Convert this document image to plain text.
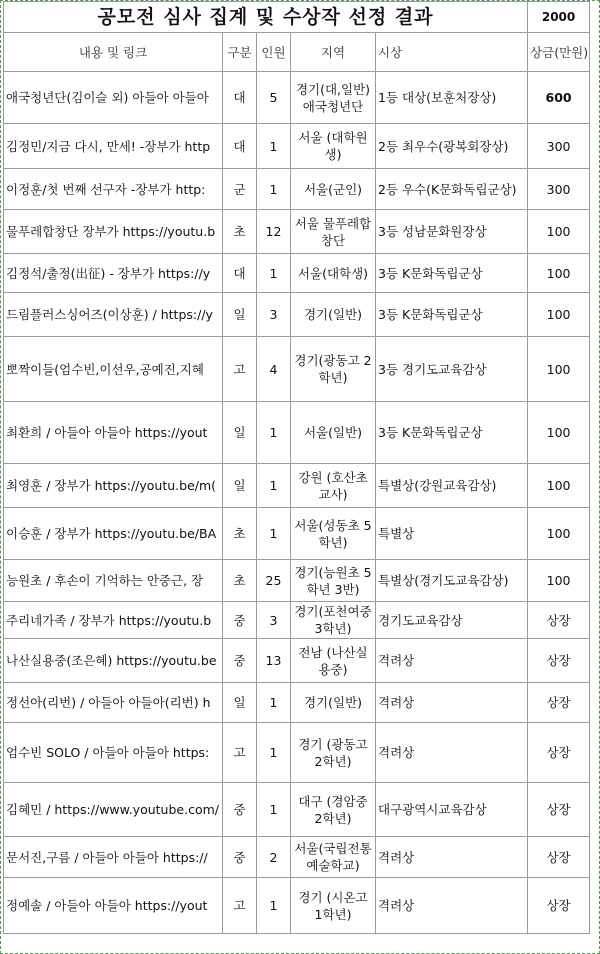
공모전 심사 집계 및 수상작 선정 결과					2000
내용 및 링크	구분	인원	지역	시상	상금(만원)
애국청년단(김이슬 외) 아들아 아들아	대	5	경기(대,일반) 애국청년단	1등 대상(보훈처장상)	600
김정민/지금 다시, 만세! -장부가 http	대	1	서울 (대학원생)	2등 최우수(광복회장상)	300
이정훈/첫 번째 선구자 -장부가 http:	군	1	서울(군인)	2등 우수(K문화독립군상)	300
물푸레합창단 장부가 https://youtu.b	초	12	서울 물푸레합창단	3등 성남문화원장상	100
김정석/출정(出征) - 장부가 https://y	대	1	서울(대학생)	3등 K문화독립군상	100
드림플러스싱어즈(이상훈) / https://y	일	3	경기(일반)	3등 K문화독립군상	100
뽀짝이들(엄수빈,이선우,공예진,지혜	고	4	경기(광동고 2학년)	3등 경기도교육감상	100
최환희 / 아들아 아들아 https://yout	일	1	서울(일반)	3등 K문화독립군상	100
최영훈 / 장부가 https://youtu.be/m(	일	1	강원 (호산초 교사)	특별상(강원교육감상)	100
이승훈 / 장부가 https://youtu.be/BA	초	1	서울(성동초 5학년)	특별상	100
능원초 / 후손이 기억하는 안중근, 장	초	25	경기(능원초 5학년 3반)	특별상(경기도교육감상)	100
주리네가족 / 장부가 https://youtu.b	중	3	경기(포천여중 3학년)	경기도교육감상	상장
나산실용중(조은혜) https://youtu.be	중	13	전남 (나산실용중)	격려상	상장
정선아(리번) / 아들아 아들아(리번) h	일	1	경기(일반)	격려상	상장
엄수빈 SOLO / 아들아 아들아 https:	고	1	경기 (광동고 2학년)	격려상	상장
김혜민 / https://www.youtube.com/	중	1	대구 (경암중 2학년)	대구광역시교육감상	상장
문서진,구름 / 아들아 아들아 https://	중	2	서울(국립전통예술학교)	격려상	상장
정예솔 / 아들아 아들아 https://yout	고	1	경기 (시온고 1학년)	격려상	상장
